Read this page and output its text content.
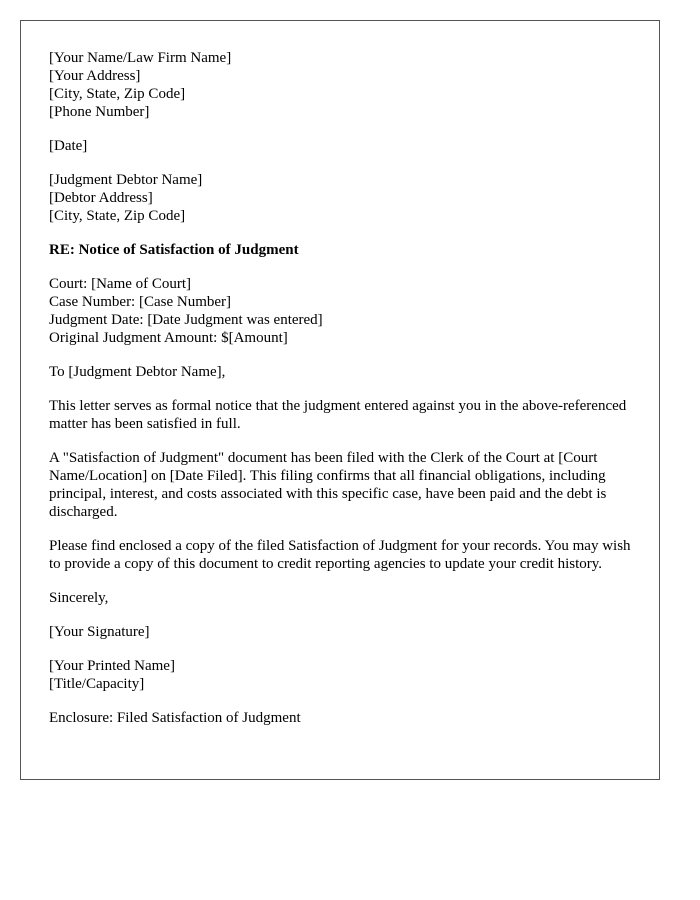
[Your Name/Law Firm Name]
[Your Address]
[City, State, Zip Code]
[Phone Number]
[Date]
[Judgment Debtor Name]
[Debtor Address]
[City, State, Zip Code]
RE: Notice of Satisfaction of Judgment
Court: [Name of Court]
Case Number: [Case Number]
Judgment Date: [Date Judgment was entered]
Original Judgment Amount: $[Amount]
To [Judgment Debtor Name],

This letter serves as formal notice that the judgment entered against you in the above-referenced matter has been satisfied in full.

A "Satisfaction of Judgment" document has been filed with the Clerk of the Court at [Court Name/Location] on [Date Filed]. This filing confirms that all financial obligations, including principal, interest, and costs associated with this specific case, have been paid and the debt is discharged.

Please find enclosed a copy of the filed Satisfaction of Judgment for your records. You may wish to provide a copy of this document to credit reporting agencies to update your credit history.

Sincerely,
[Your Signature]
[Your Printed Name]
[Title/Capacity]
Enclosure: Filed Satisfaction of Judgment
